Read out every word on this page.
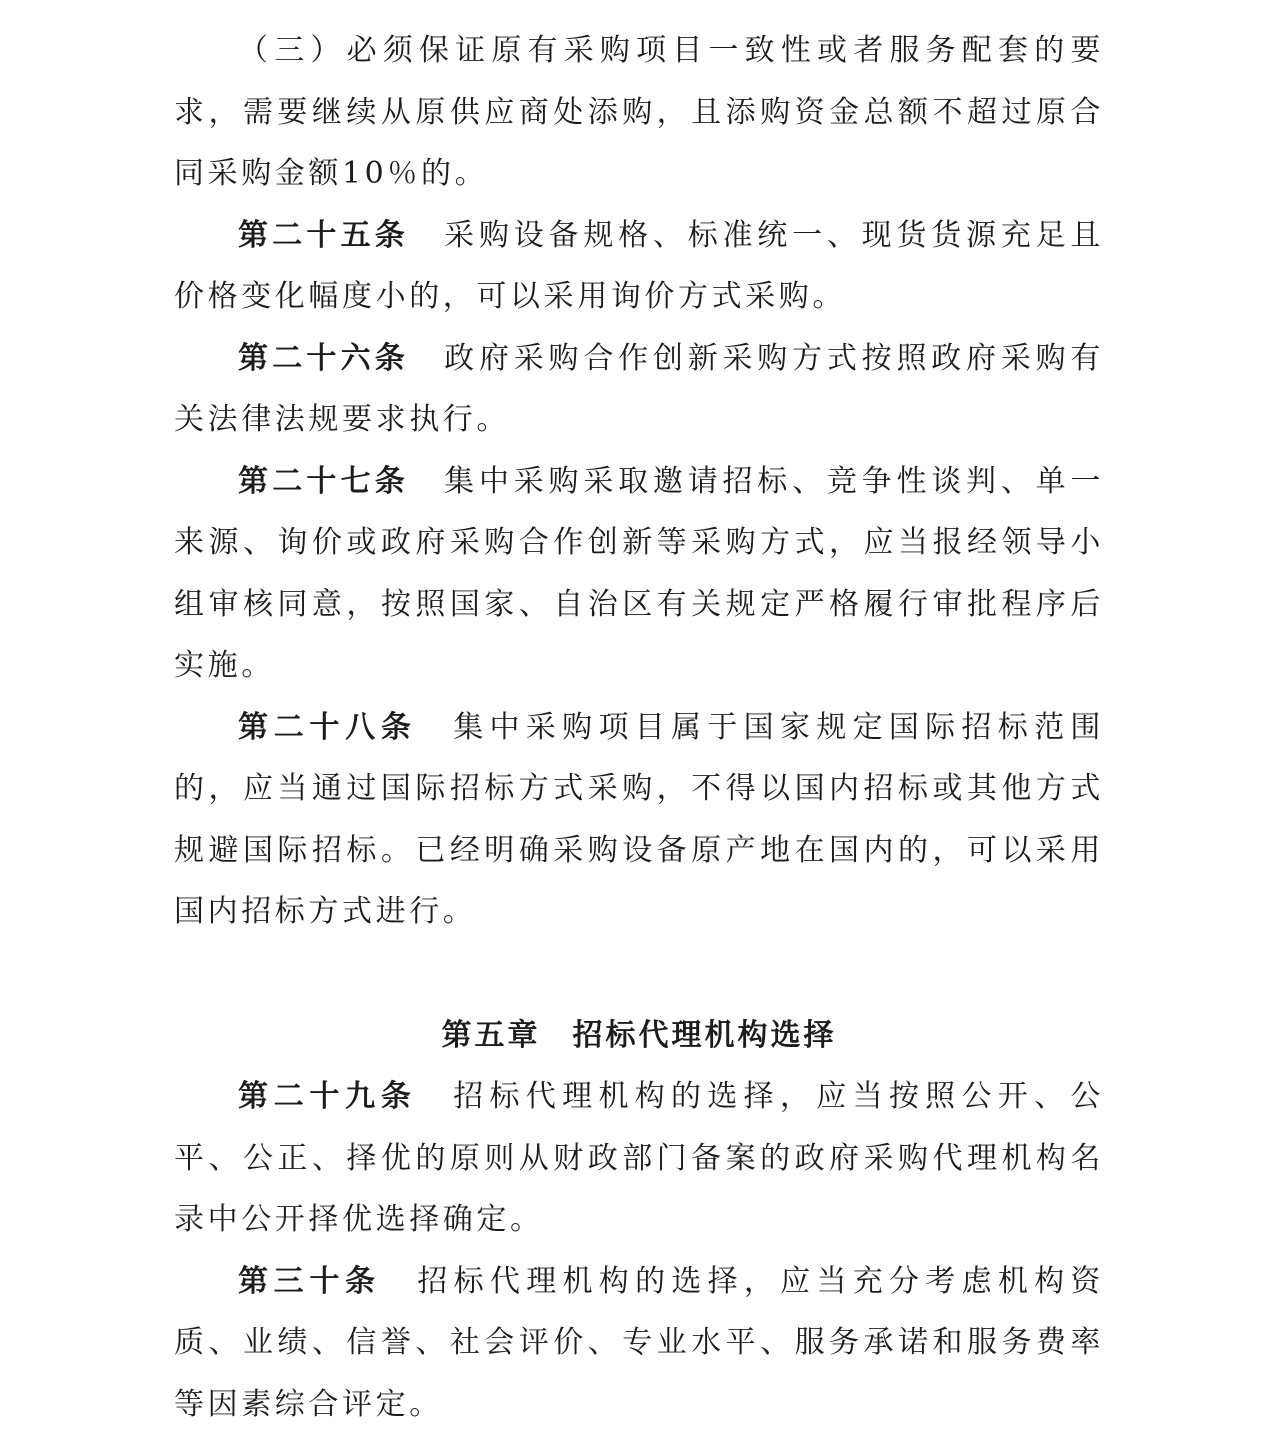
（三）必须保证原有采购项目一致性或者服务配套的要求，需要继续从原供应商处添购，且添购资金总额不超过原合同采购金额10％的。

第二十五条 采购设备规格、标准统一、现货货源充足且价格变化幅度小的，可以采用询价方式采购。

第二十六条 政府采购合作创新采购方式按照政府采购有关法律法规要求执行。

第二十七条 集中采购采取邀请招标、竞争性谈判、单一来源、询价或政府采购合作创新等采购方式，应当报经领导小组审核同意，按照国家、自治区有关规定严格履行审批程序后实施。

第二十八条 集中采购项目属于国家规定国际招标范围的，应当通过国际招标方式采购，不得以国内招标或其他方式规避国际招标。已经明确采购设备原产地在国内的，可以采用国内招标方式进行。

第五章 招标代理机构选择

第二十九条 招标代理机构的选择，应当按照公开、公平、公正、择优的原则从财政部门备案的政府采购代理机构名录中公开择优选择确定。

第三十条 招标代理机构的选择，应当充分考虑机构资质、业绩、信誉、社会评价、专业水平、服务承诺和服务费率等因素综合评定。
